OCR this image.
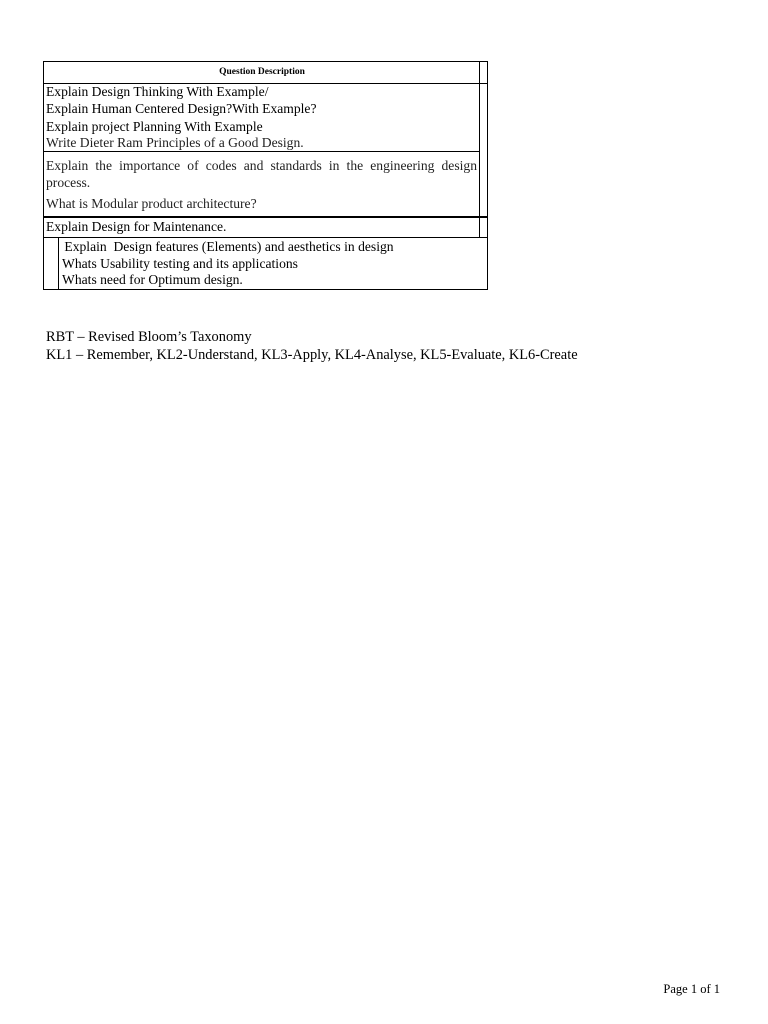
Question Description
Explain Design Thinking With Example/
Explain Human Centered Design?With Example?
Explain project Planning With Example
Write Dieter Ram Principles of a Good Design.
Explain the importance of codes and standards in the engineering design process.
What is Modular product architecture?
Explain Design for Maintenance.
Explain  Design features (Elements) and aesthetics in design
Whats Usability testing and its applications
Whats need for Optimum design.
RBT – Revised Bloom’s Taxonomy
KL1 – Remember, KL2-Understand, KL3-Apply, KL4-Analyse, KL5-Evaluate, KL6-Create
Page 1 of 1
